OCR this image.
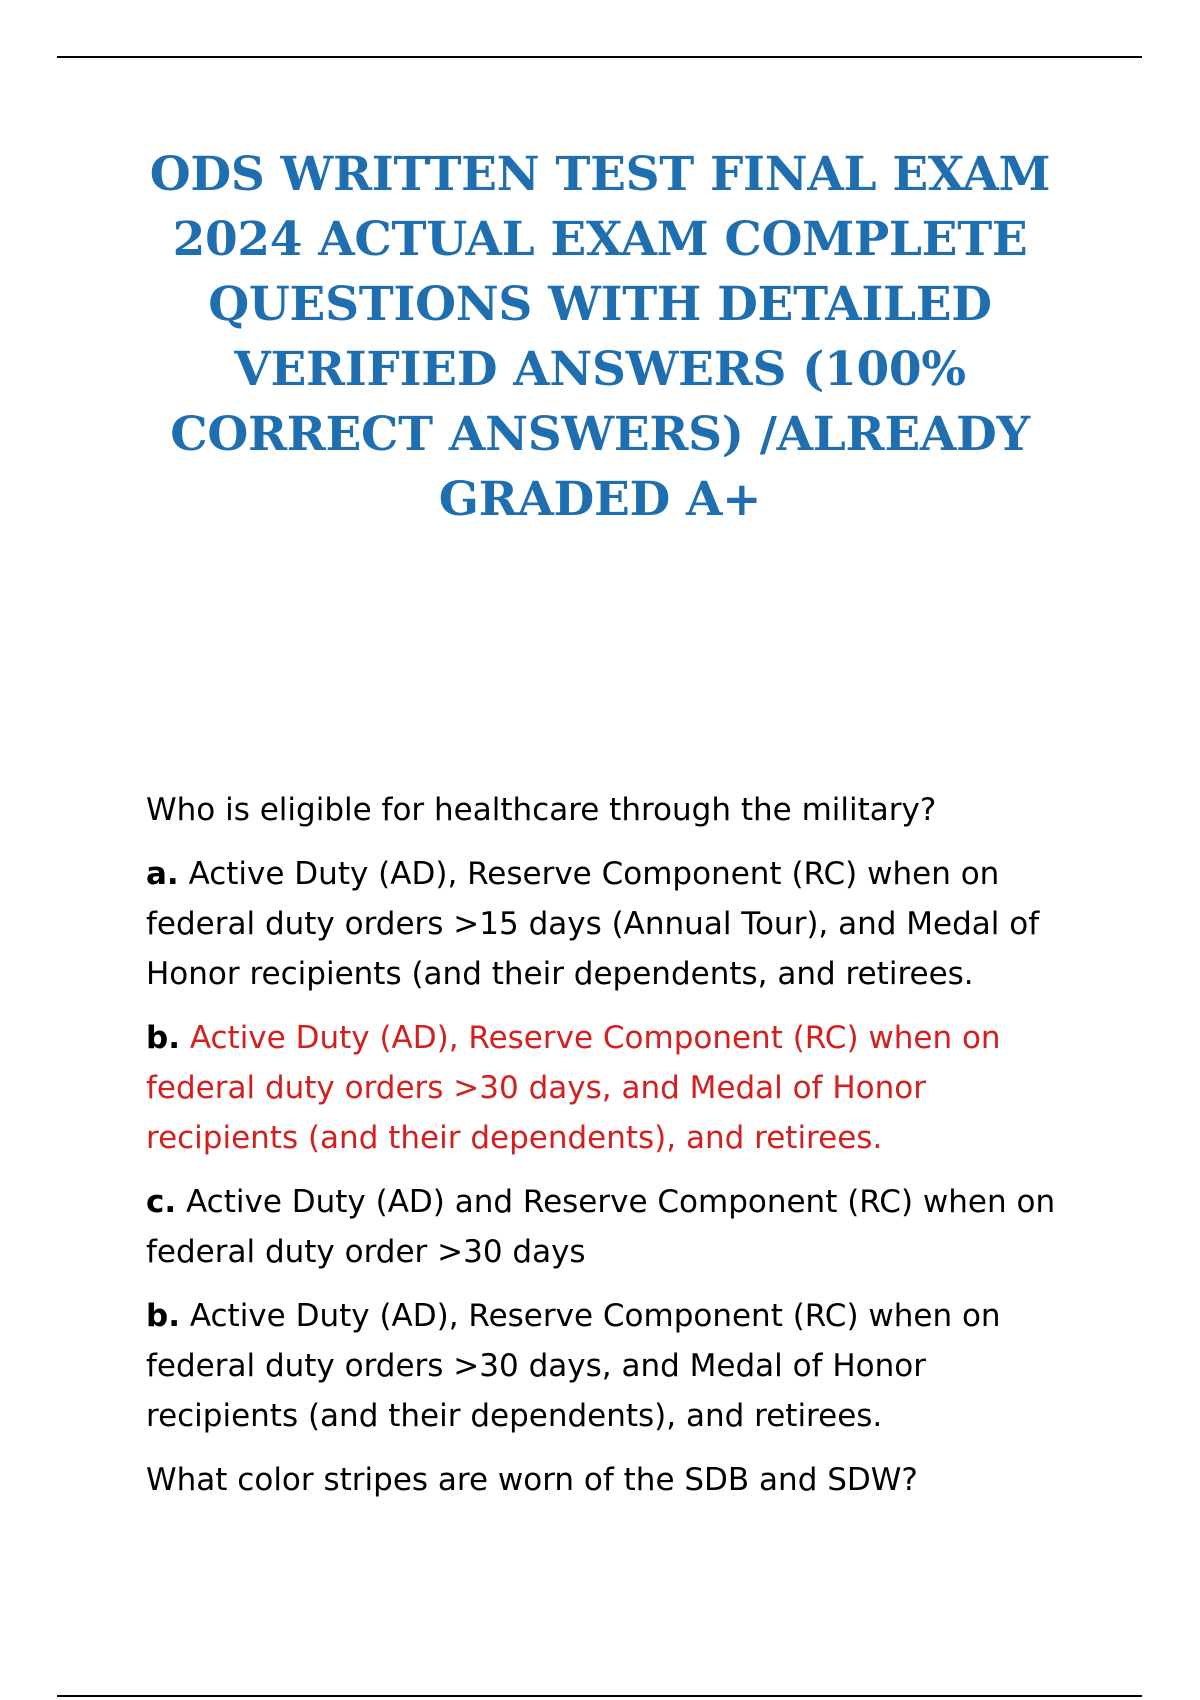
ODS WRITTEN TEST FINAL EXAM
2024 ACTUAL EXAM COMPLETE
QUESTIONS WITH DETAILED
VERIFIED ANSWERS (100%
CORRECT ANSWERS) /ALREADY
GRADED A+

Who is eligible for healthcare through the military?

a. Active Duty (AD), Reserve Component (RC) when on federal duty orders >15 days (Annual Tour), and Medal of Honor recipients (and their dependents, and retirees.

b. Active Duty (AD), Reserve Component (RC) when on federal duty orders >30 days, and Medal of Honor recipients (and their dependents), and retirees.

c. Active Duty (AD) and Reserve Component (RC) when on federal duty order >30 days

b. Active Duty (AD), Reserve Component (RC) when on federal duty orders >30 days, and Medal of Honor recipients (and their dependents), and retirees.

What color stripes are worn of the SDB and SDW?
